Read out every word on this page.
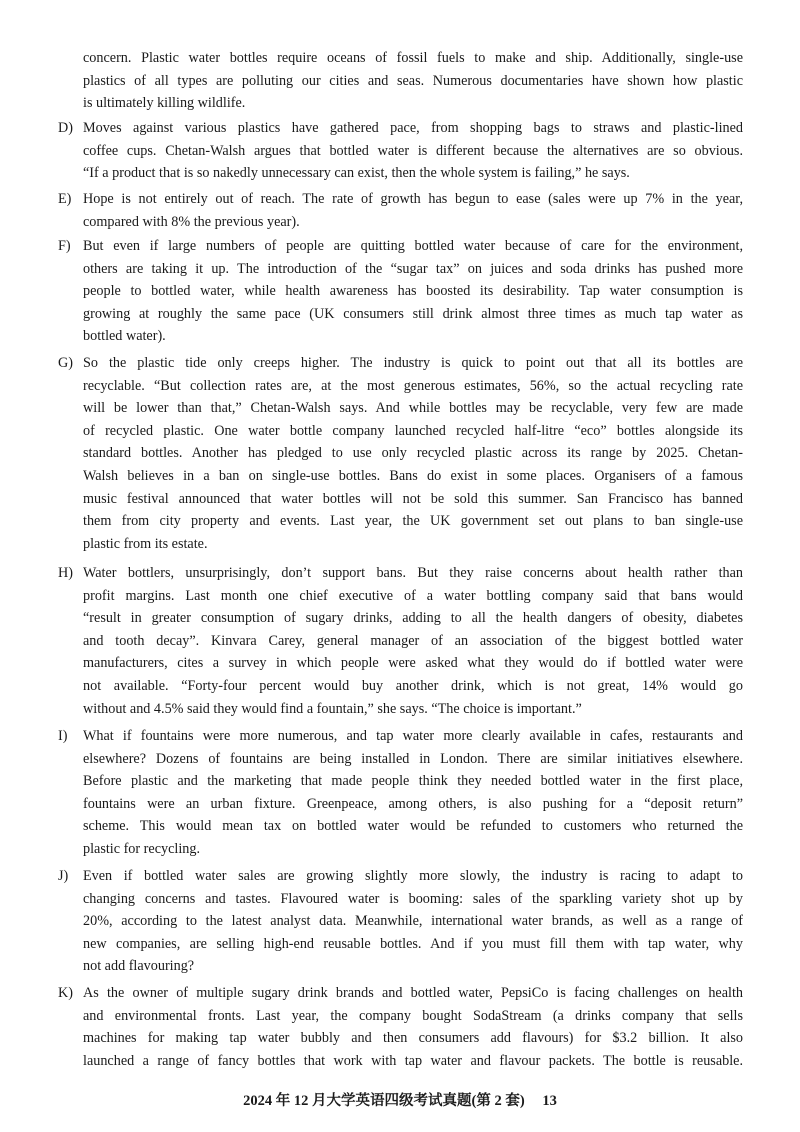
concern. Plastic water bottles require oceans of fossil fuels to make and ship. Additionally, single-use
plastics of all types are polluting our cities and seas. Numerous documentaries have shown how plastic
is ultimately killing wildlife.
D) Moves against various plastics have gathered pace, from shopping bags to straws and plastic-lined
coffee cups. Chetan-Walsh argues that bottled water is different because the alternatives are so obvious.
“If a product that is so nakedly unnecessary can exist, then the whole system is failing,” he says.
E) Hope is not entirely out of reach. The rate of growth has begun to ease (sales were up 7% in the year,
compared with 8% the previous year).
F) But even if large numbers of people are quitting bottled water because of care for the environment,
others are taking it up. The introduction of the “sugar tax” on juices and soda drinks has pushed more
people to bottled water, while health awareness has boosted its desirability. Tap water consumption is
growing at roughly the same pace (UK consumers still drink almost three times as much tap water as
bottled water).
G) So the plastic tide only creeps higher. The industry is quick to point out that all its bottles are
recyclable. “But collection rates are, at the most generous estimates, 56%, so the actual recycling rate
will be lower than that,” Chetan-Walsh says. And while bottles may be recyclable, very few are made
of recycled plastic. One water bottle company launched recycled half-litre “eco” bottles alongside its
standard bottles. Another has pledged to use only recycled plastic across its range by 2025. Chetan-
Walsh believes in a ban on single-use bottles. Bans do exist in some places. Organisers of a famous
music festival announced that water bottles will not be sold this summer. San Francisco has banned
them from city property and events. Last year, the UK government set out plans to ban single-use
plastic from its estate.
H) Water bottlers, unsurprisingly, don’t support bans. But they raise concerns about health rather than
profit margins. Last month one chief executive of a water bottling company said that bans would
“result in greater consumption of sugary drinks, adding to all the health dangers of obesity, diabetes
and tooth decay”. Kinvara Carey, general manager of an association of the biggest bottled water
manufacturers, cites a survey in which people were asked what they would do if bottled water were
not available. “Forty-four percent would buy another drink, which is not great, 14% would go
without and 4.5% said they would find a fountain,” she says. “The choice is important.”
I) What if fountains were more numerous, and tap water more clearly available in cafes, restaurants and
elsewhere? Dozens of fountains are being installed in London. There are similar initiatives elsewhere.
Before plastic and the marketing that made people think they needed bottled water in the first place,
fountains were an urban fixture. Greenpeace, among others, is also pushing for a “deposit return”
scheme. This would mean tax on bottled water would be refunded to customers who returned the
plastic for recycling.
J) Even if bottled water sales are growing slightly more slowly, the industry is racing to adapt to
changing concerns and tastes. Flavoured water is booming: sales of the sparkling variety shot up by
20%, according to the latest analyst data. Meanwhile, international water brands, as well as a range of
new companies, are selling high-end reusable bottles. And if you must fill them with tap water, why
not add flavouring?
K) As the owner of multiple sugary drink brands and bottled water, PepsiCo is facing challenges on health
and environmental fronts. Last year, the company bought SodaStream (a drinks company that sells
machines for making tap water bubbly and then consumers add flavours) for $3.2 billion. It also
launched a range of fancy bottles that work with tap water and flavour packets. The bottle is reusable.
2024 年 12 月大学英语四级考试真题(第 2 套) 13
